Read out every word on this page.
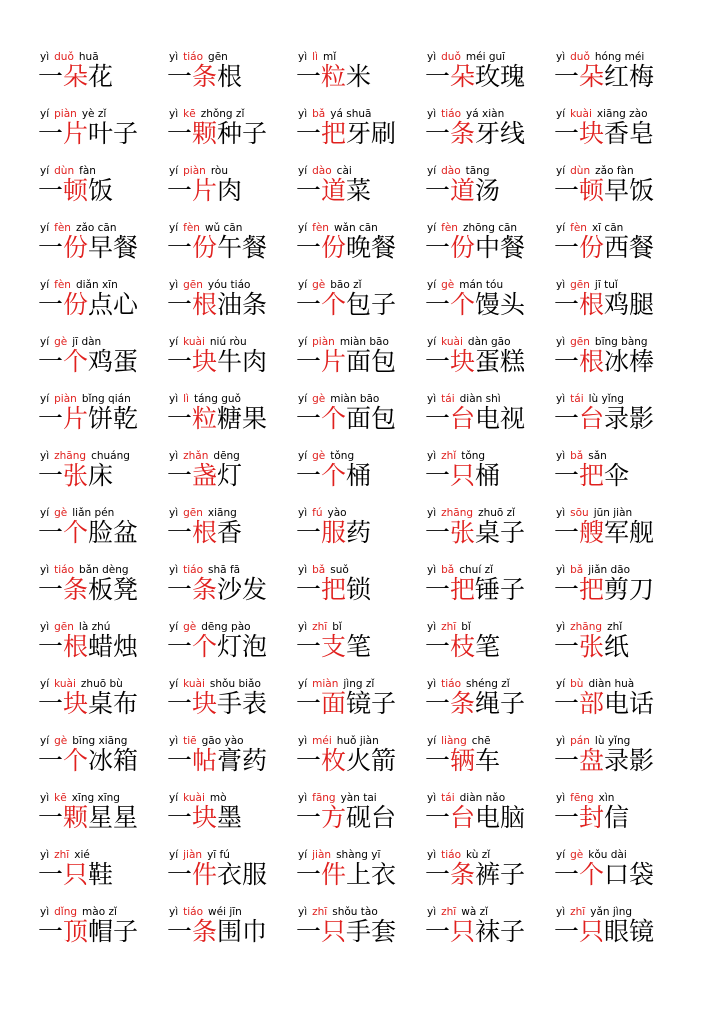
yì duǒ huā
一朵花
yì tiáo gēn
一条根
yì lì mǐ
一粒米
yì duǒ méi guī
一朵玫瑰
yì duǒ hóng méi
一朵红梅
yí piàn yè zǐ
一片叶子
yì kē zhǒng zǐ
一颗种子
yì bǎ yá shuā
一把牙刷
yì tiáo yá xiàn
一条牙线
yí kuài xiāng zào
一块香皂
yí dùn fàn
一顿饭
yí piàn ròu
一片肉
yí dào cài
一道菜
yí dào tāng
一道汤
yí dùn zǎo fàn
一顿早饭
yí fèn zǎo cān
一份早餐
yí fèn wǔ cān
一份午餐
yí fèn wǎn cān
一份晚餐
yí fèn zhōng cān
一份中餐
yí fèn xī cān
一份西餐
yí fèn diǎn xīn
一份点心
yì gēn yóu tiáo
一根油条
yí gè bāo zǐ
一个包子
yí gè mán tóu
一个馒头
yì gēn jī tuǐ
一根鸡腿
yí gè jī dàn
一个鸡蛋
yí kuài niú ròu
一块牛肉
yí piàn miàn bāo
一片面包
yí kuài dàn gāo
一块蛋糕
yì gēn bīng bàng
一根冰棒
yí piàn bǐng qián
一片饼乾
yì lì táng guǒ
一粒糖果
yí gè miàn bāo
一个面包
yì tái diàn shì
一台电视
yì tái lù yǐng
一台录影
yì zhāng chuáng
一张床
yì zhǎn dēng
一盏灯
yí gè tǒng
一个桶
yì zhǐ tǒng
一只桶
yì bǎ sǎn
一把伞
yí gè liǎn pén
一个脸盆
yì gēn xiāng
一根香
yì fú yào
一服药
yì zhāng zhuō zǐ
一张桌子
yì sōu jūn jiàn
一艘军舰
yì tiáo bǎn dèng
一条板凳
yì tiáo shā fā
一条沙发
yì bǎ suǒ
一把锁
yì bǎ chuí zǐ
一把锤子
yì bǎ jiǎn dāo
一把剪刀
yì gēn là zhú
一根蜡烛
yí gè dēng pào
一个灯泡
yì zhī bǐ
一支笔
yì zhī bǐ
一枝笔
yì zhāng zhǐ
一张纸
yí kuài zhuō bù
一块桌布
yí kuài shǒu biǎo
一块手表
yí miàn jìng zǐ
一面镜子
yì tiáo shéng zǐ
一条绳子
yí bù diàn huà
一部电话
yí gè bīng xiāng
一个冰箱
yì tiē gāo yào
一帖膏药
yì méi huǒ jiàn
一枚火箭
yí liàng chē
一辆车
yì pán lù yǐng
一盘录影
yì kē xīng xīng
一颗星星
yí kuài mò
一块墨
yì fāng yàn tai
一方砚台
yì tái diàn nǎo
一台电脑
yì fēng xìn
一封信
yì zhī xié
一只鞋
yí jiàn yī fú
一件衣服
yí jiàn shàng yī
一件上衣
yì tiáo kù zǐ
一条裤子
yí gè kǒu dài
一个口袋
yì dǐng mào zǐ
一顶帽子
yì tiáo wéi jīn
一条围巾
yì zhī shǒu tào
一只手套
yì zhī wà zǐ
一只袜子
yì zhī yǎn jìng
一只眼镜
